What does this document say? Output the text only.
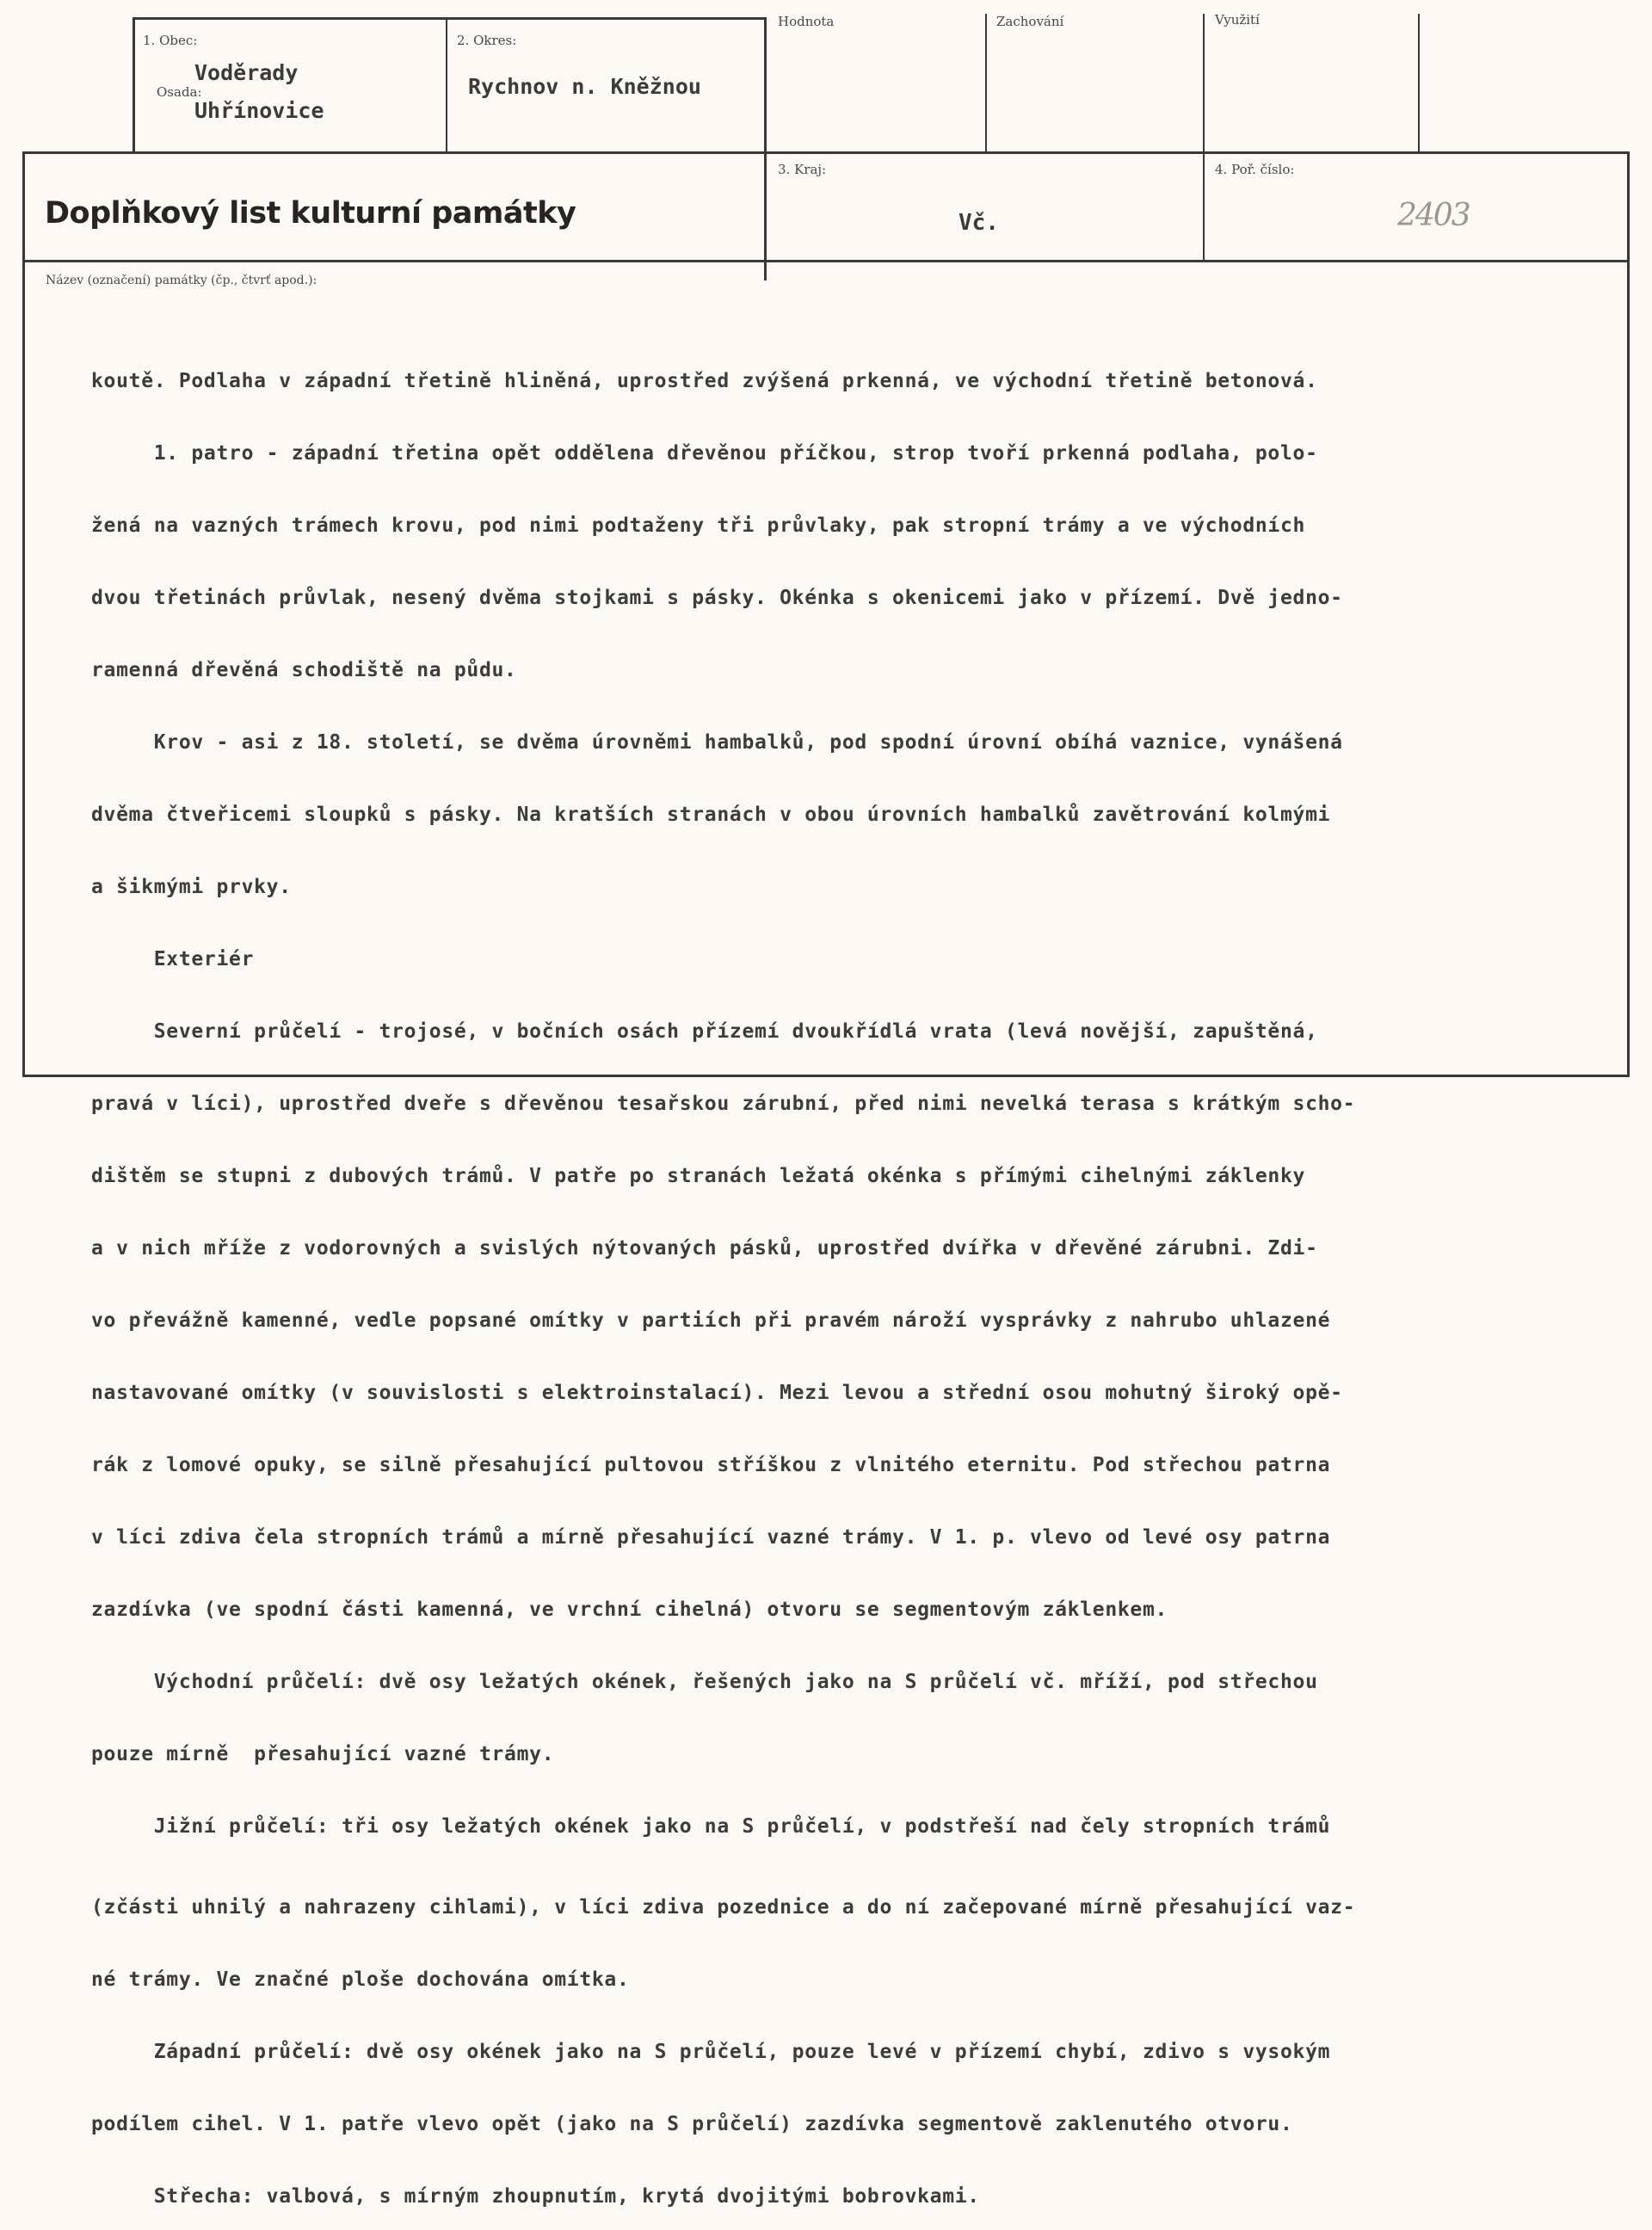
1. Obec:
Voděrady
Osada:
Uhřínovice
2. Okres:
Rychnov n. Kněžnou
Hodnota	Zachování	Využití
Doplňkový list kulturní památky
3. Kraj:
Vč.
4. Poř. číslo:
2403
Název (označení) památky (čp., čtvrť apod.):

koutě. Podlaha v západní třetině hliněná, uprostřed zvýšená prkenná, ve východní třetině betonová.

1. patro - západní třetina opět oddělena dřevěnou příčkou, strop tvoří prkenná podlaha, polo-

žená na vazných trámech krovu, pod nimi podtaženy tři průvlaky, pak stropní trámy a ve východních

dvou třetinách průvlak, nesený dvěma stojkami s pásky. Okénka s okenicemi jako v přízemí. Dvě jedno-

ramenná dřevěná schodiště na půdu.

Krov - asi z 18. století, se dvěma úrovněmi hambalků, pod spodní úrovní obíhá vaznice, vynášená

dvěma čtveřicemi sloupků s pásky. Na kratších stranách v obou úrovních hambalků zavětrování kolmými

a šikmými prvky.

Exteriér

Severní průčelí - trojosé, v bočních osách přízemí dvoukřídlá vrata (levá novější, zapuštěná,

pravá v líci), uprostřed dveře s dřevěnou tesařskou zárubní, před nimi nevelká terasa s krátkým scho-

dištěm se stupni z dubových trámů. V patře po stranách ležatá okénka s přímými cihelnými záklenky

a v nich mříže z vodorovných a svislých nýtovaných pásků, uprostřed dvířka v dřevěné zárubni. Zdi-

vo převážně kamenné, vedle popsané omítky v partiích při pravém nároží vysprávky z nahrubo uhlazené

nastavované omítky (v souvislosti s elektroinstalací). Mezi levou a střední osou mohutný široký opě-

rák z lomové opuky, se silně přesahující pultovou stříškou z vlnitého eternitu. Pod střechou patrna

v líci zdiva čela stropních trámů a mírně přesahující vazné trámy. V 1. p. vlevo od levé osy patrna

zazdívka (ve spodní části kamenná, ve vrchní cihelná) otvoru se segmentovým záklenkem.

Východní průčelí: dvě osy ležatých okének, řešených jako na S průčelí vč. mříží, pod střechou

pouze mírně  přesahující vazné trámy.

Jižní průčelí: tři osy ležatých okének jako na S průčelí, v podstřeší nad čely stropních trámů

(zčásti uhnilý a nahrazeny cihlami), v líci zdiva pozednice a do ní začepované mírně přesahující vaz-

né trámy. Ve značné ploše dochována omítka.

Západní průčelí: dvě osy okének jako na S průčelí, pouze levé v přízemí chybí, zdivo s vysokým

podílem cihel. V 1. patře vlevo opět (jako na S průčelí) zazdívka segmentově zaklenutého otvoru.

Střecha: valbová, s mírným zhoupnutím, krytá dvojitými bobrovkami.
